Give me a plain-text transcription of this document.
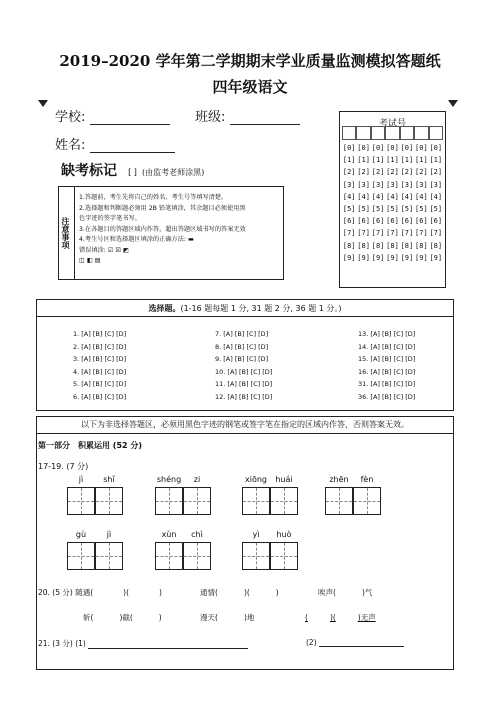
2019–2020 学年第二学期期末学业质量监测模拟答题纸
四年级语文
学校:	班级:
姓名:
缺考标记 [ ] (由监考老师涂黑)
考试号
[0] [0] [0] [0] [0] [0] [0]
[1] [1] [1] [1] [1] [1] [1]
[2] [2] [2] [2] [2] [2] [2]
[3] [3] [3] [3] [3] [3] [3]
[4] [4] [4] [4] [4] [4] [4]
[5] [5] [5] [5] [5] [5] [5]
[6] [6] [6] [6] [6] [6] [6]
[7] [7] [7] [7] [7] [7] [7]
[8] [8] [8] [8] [8] [8] [8]
[9] [9] [9] [9] [9] [9] [9]
注意事项
1.答题前，考生先将自己的姓名、考生号等填写清楚。
2.选择题和判断题必须用 2B 铅笔填涂，其余题目必须使用黑
色字迹的签字笔书写。
3.在各题目的答题区域内作答，超出答题区域书写的答案无效
4.考生号区和选择题区填涂的正确方法: ▬
错误填涂: ☑ ☒ ◩
◫ ◧ ▤
选择题。(1-16 题每题 1 分, 31 题 2 分, 36 题 1 分。)
1. [A] [B] [C] [D]
2. [A] [B] [C] [D]
3. [A] [B] [C] [D]
4. [A] [B] [C] [D]
5. [A] [B] [C] [D]
6. [A] [B] [C] [D]
7. [A] [B] [C] [D]
8. [A] [B] [C] [D]
9. [A] [B] [C] [D]
10. [A] [B] [C] [D]
11. [A] [B] [C] [D]
12. [A] [B] [C] [D]
13. [A] [B] [C] [D]
14. [A] [B] [C] [D]
15. [A] [B] [C] [D]
16. [A] [B] [C] [D]
31. [A] [B] [C] [D]
36. [A] [B] [C] [D]
以下为非选择答题区，必须用黑色字迹的钢笔或签字笔在指定的区域内作答，否则答案无效。
第一部分　积累运用 (52 分)
17-19. (7 分)
jì	shǐ	shéng	zi	xiōng	huái	zhēn	fèn
gù	jì	xùn	chì	yì	huò
20. (5 分) 随遇(	)(	)	通情(	)(	)	唉声(	)气
斩(	)截(	)	漫天(	)地	(	)(	)无声
21. (3 分) (1)	(2)
